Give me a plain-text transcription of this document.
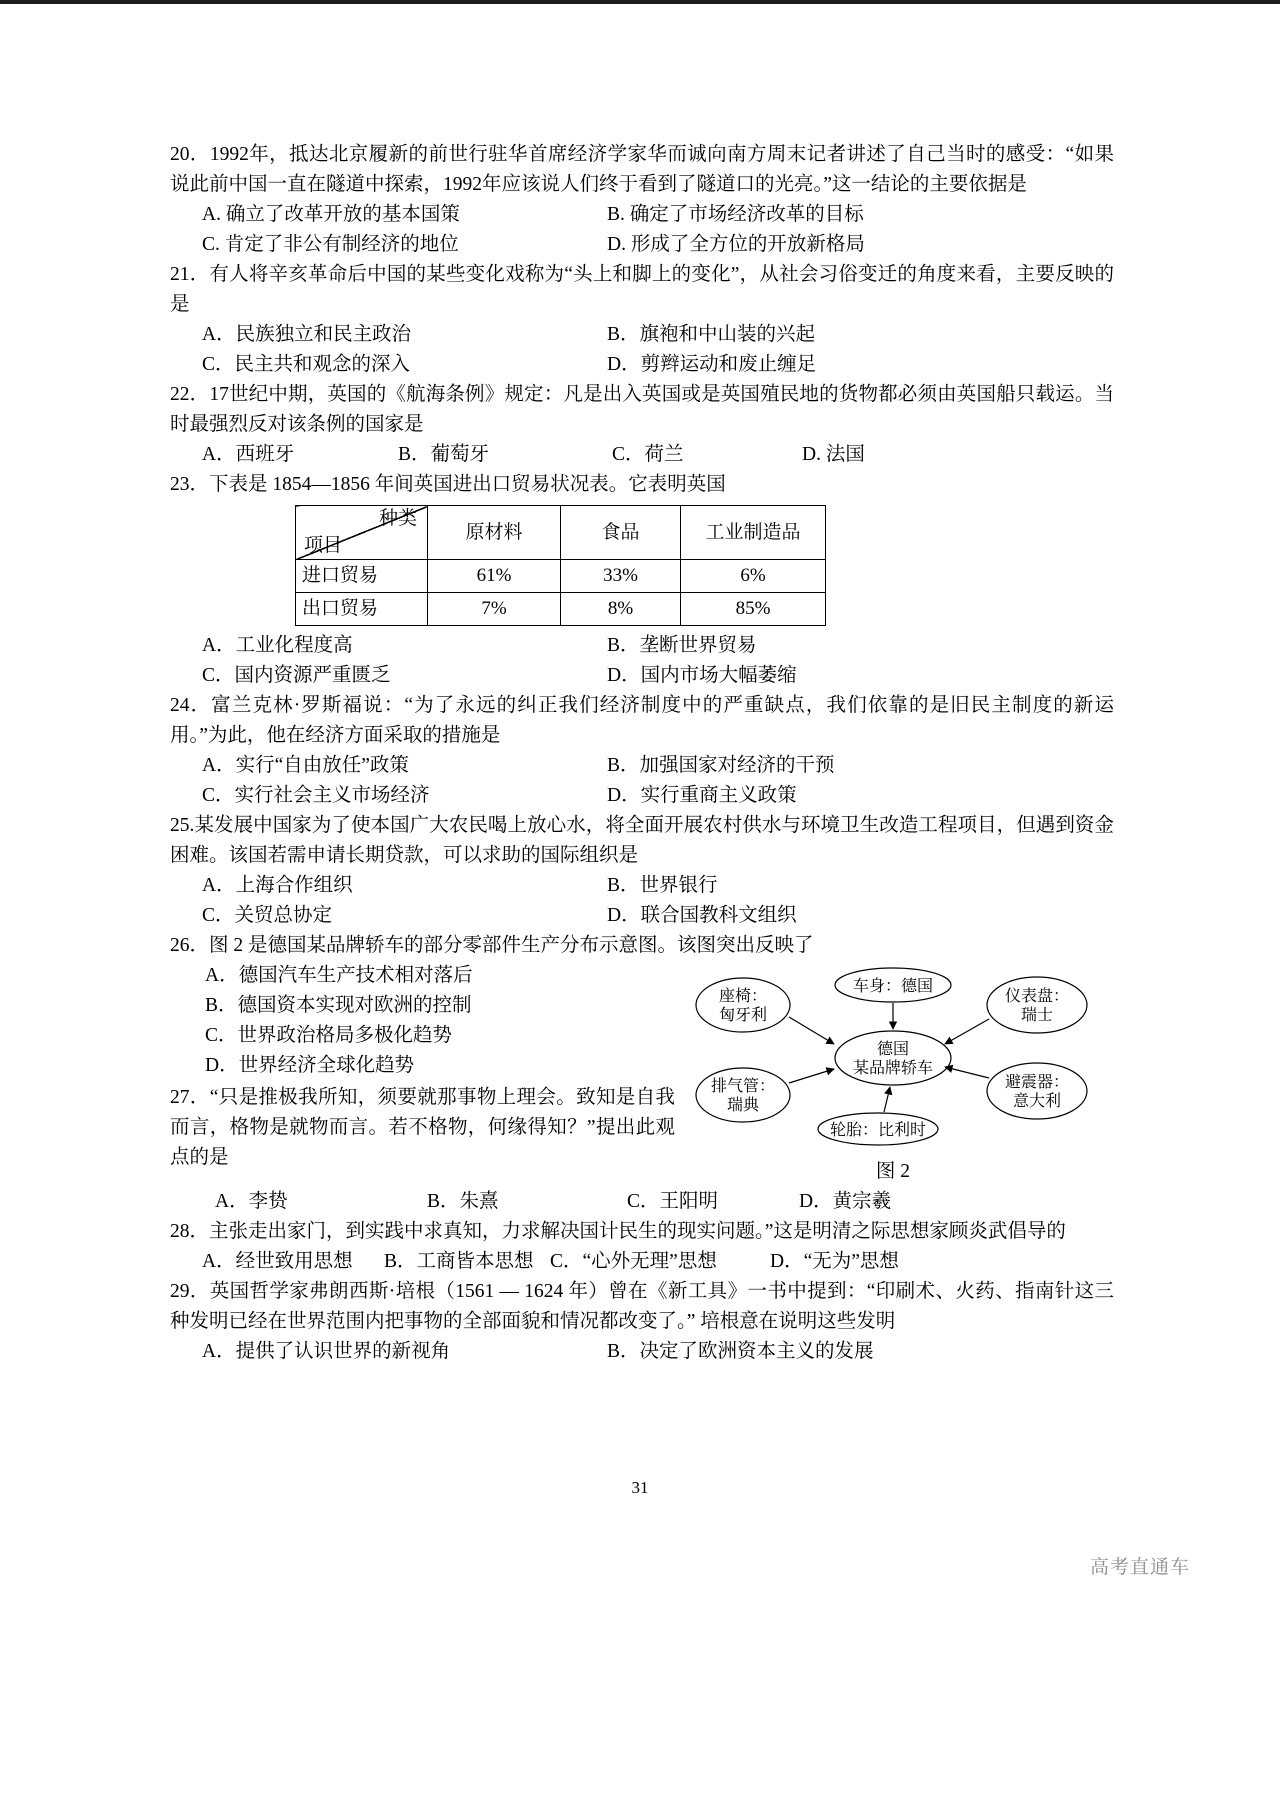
20．1992年，抵达北京履新的前世行驻华首席经济学家华而诚向南方周末记者讲述了自己当时的感受：“如果说此前中国一直在隧道中探索，1992年应该说人们终于看到了隧道口的光亮。”这一结论的主要依据是

A. 确立了改革开放的基本国策	B. 确定了市场经济改革的目标
C. 肯定了非公有制经济的地位	D. 形成了全方位的开放新格局

21．有人将辛亥革命后中国的某些变化戏称为“头上和脚上的变化”，从社会习俗变迁的角度来看，主要反映的是

A．民族独立和民主政治	B．旗袍和中山装的兴起
C．民主共和观念的深入	D．剪辫运动和废止缠足

22．17世纪中期，英国的《航海条例》规定：凡是出入英国或是英国殖民地的货物都必须由英国船只载运。当时最强烈反对该条例的国家是

A．西班牙	B．葡萄牙	C．荷兰	D. 法国

23．下表是 1854—1856 年间英国进出口贸易状况表。它表明英国

种类
项目	原材料	食品	工业制造品
进口贸易	61%	33%	6%
出口贸易	7%	8%	85%
A．工业化程度高	B．垄断世界贸易
C．国内资源严重匮乏	D．国内市场大幅萎缩

24．富兰克林·罗斯福说：“为了永远的纠正我们经济制度中的严重缺点，我们依靠的是旧民主制度的新运用。”为此，他在经济方面采取的措施是

A．实行“自由放任”政策	B．加强国家对经济的干预
C．实行社会主义市场经济	D．实行重商主义政策

25.某发展中国家为了使本国广大农民喝上放心水，将全面开展农村供水与环境卫生改造工程项目，但遇到资金困难。该国若需申请长期贷款，可以求助的国际组织是

A．上海合作组织	B．世界银行
C．关贸总协定	D．联合国教科文组织

26．图 2 是德国某品牌轿车的部分零部件生产分布示意图。该图突出反映了

A．德国汽车生产技术相对落后
B．德国资本实现对欧洲的控制
C．世界政治格局多极化趋势
D．世界经济全球化趋势

27．“只是推极我所知，须要就那事物上理会。致知是自我而言，格物是就物而言。若不格物，何缘得知？”提出此观点的是

座椅：
匈牙利
车身：德国
仪表盘：
瑞士
德国
某品牌轿车
排气管：
瑞典
轮胎：比利时
避震器：
意大利
图 2
A．李贽	B．朱熹	C．王阳明	D．黄宗羲

28．主张走出家门，到实践中求真知，力求解决国计民生的现实问题。”这是明清之际思想家顾炎武倡导的

A．经世致用思想	B．工商皆本思想 C．“心外无理”思想	D．“无为”思想

29．英国哲学家弗朗西斯·培根（1561 — 1624 年）曾在《新工具》一书中提到：“印刷术、火药、指南针这三种发明已经在世界范围内把事物的全部面貌和情况都改变了。” 培根意在说明这些发明

A．提供了认识世界的新视角	B．决定了欧洲资本主义的发展
31
高考直通车
